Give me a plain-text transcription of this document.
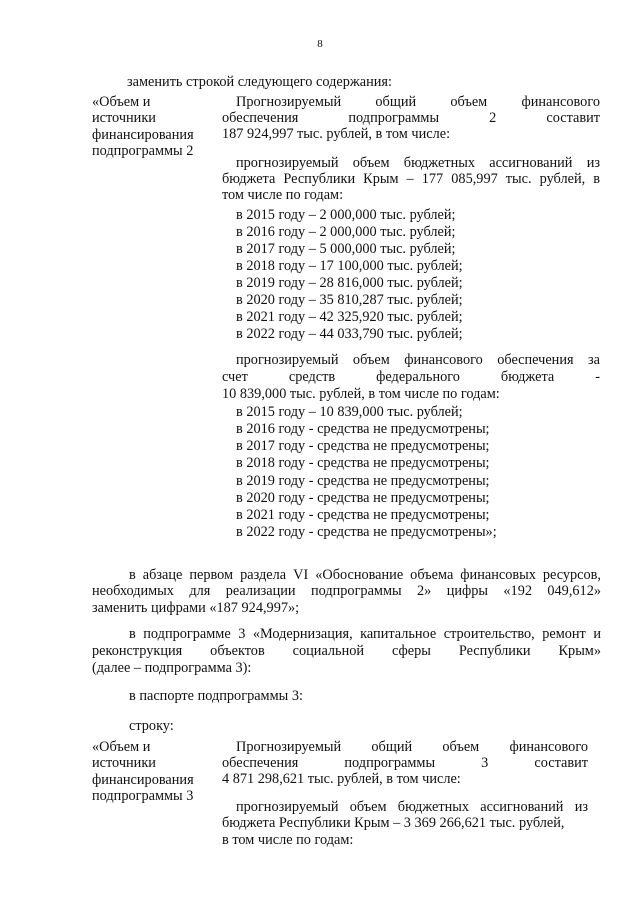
8
заменить строкой следующего содержания:
«Объем и
источники
финансирования
подпрограммы 2
Прогнозируемый общий объем финансового
обеспечения подпрограммы 2 составит
187 924,997 тыс. рублей, в том числе:
прогнозируемый объем бюджетных ассигнований из
бюджета Республики Крым – 177 085,997 тыс. рублей, в
том числе по годам:
в 2015 году – 2 000,000 тыс. рублей;
в 2016 году – 2 000,000 тыс. рублей;
в 2017 году – 5 000,000 тыс. рублей;
в 2018 году – 17 100,000 тыс. рублей;
в 2019 году – 28 816,000 тыс. рублей;
в 2020 году – 35 810,287 тыс. рублей;
в 2021 году – 42 325,920 тыс. рублей;
в 2022 году – 44 033,790 тыс. рублей;
прогнозируемый объем финансового обеспечения за
счет средств федерального бюджета -
10 839,000 тыс. рублей, в том числе по годам:
в 2015 году – 10 839,000 тыс. рублей;
в 2016 году - средства не предусмотрены;
в 2017 году - средства не предусмотрены;
в 2018 году - средства не предусмотрены;
в 2019 году - средства не предусмотрены;
в 2020 году - средства не предусмотрены;
в 2021 году - средства не предусмотрены;
в 2022 году - средства не предусмотрены»;
в абзаце первом раздела VI «Обоснование объема финансовых ресурсов,
необходимых для реализации подпрограммы 2» цифры «192 049,612»
заменить цифрами «187 924,997»;
в подпрограмме 3 «Модернизация, капитальное строительство, ремонт и
реконструкция объектов социальной сферы Республики Крым»
(далее – подпрограмма 3):
в паспорте подпрограммы 3:
строку:
«Объем и
источники
финансирования
подпрограммы 3
Прогнозируемый общий объем финансового
обеспечения подпрограммы 3 составит
4 871 298,621 тыс. рублей, в том числе:
прогнозируемый объем бюджетных ассигнований из
бюджета Республики Крым – 3 369 266,621 тыс. рублей,
в том числе по годам:
